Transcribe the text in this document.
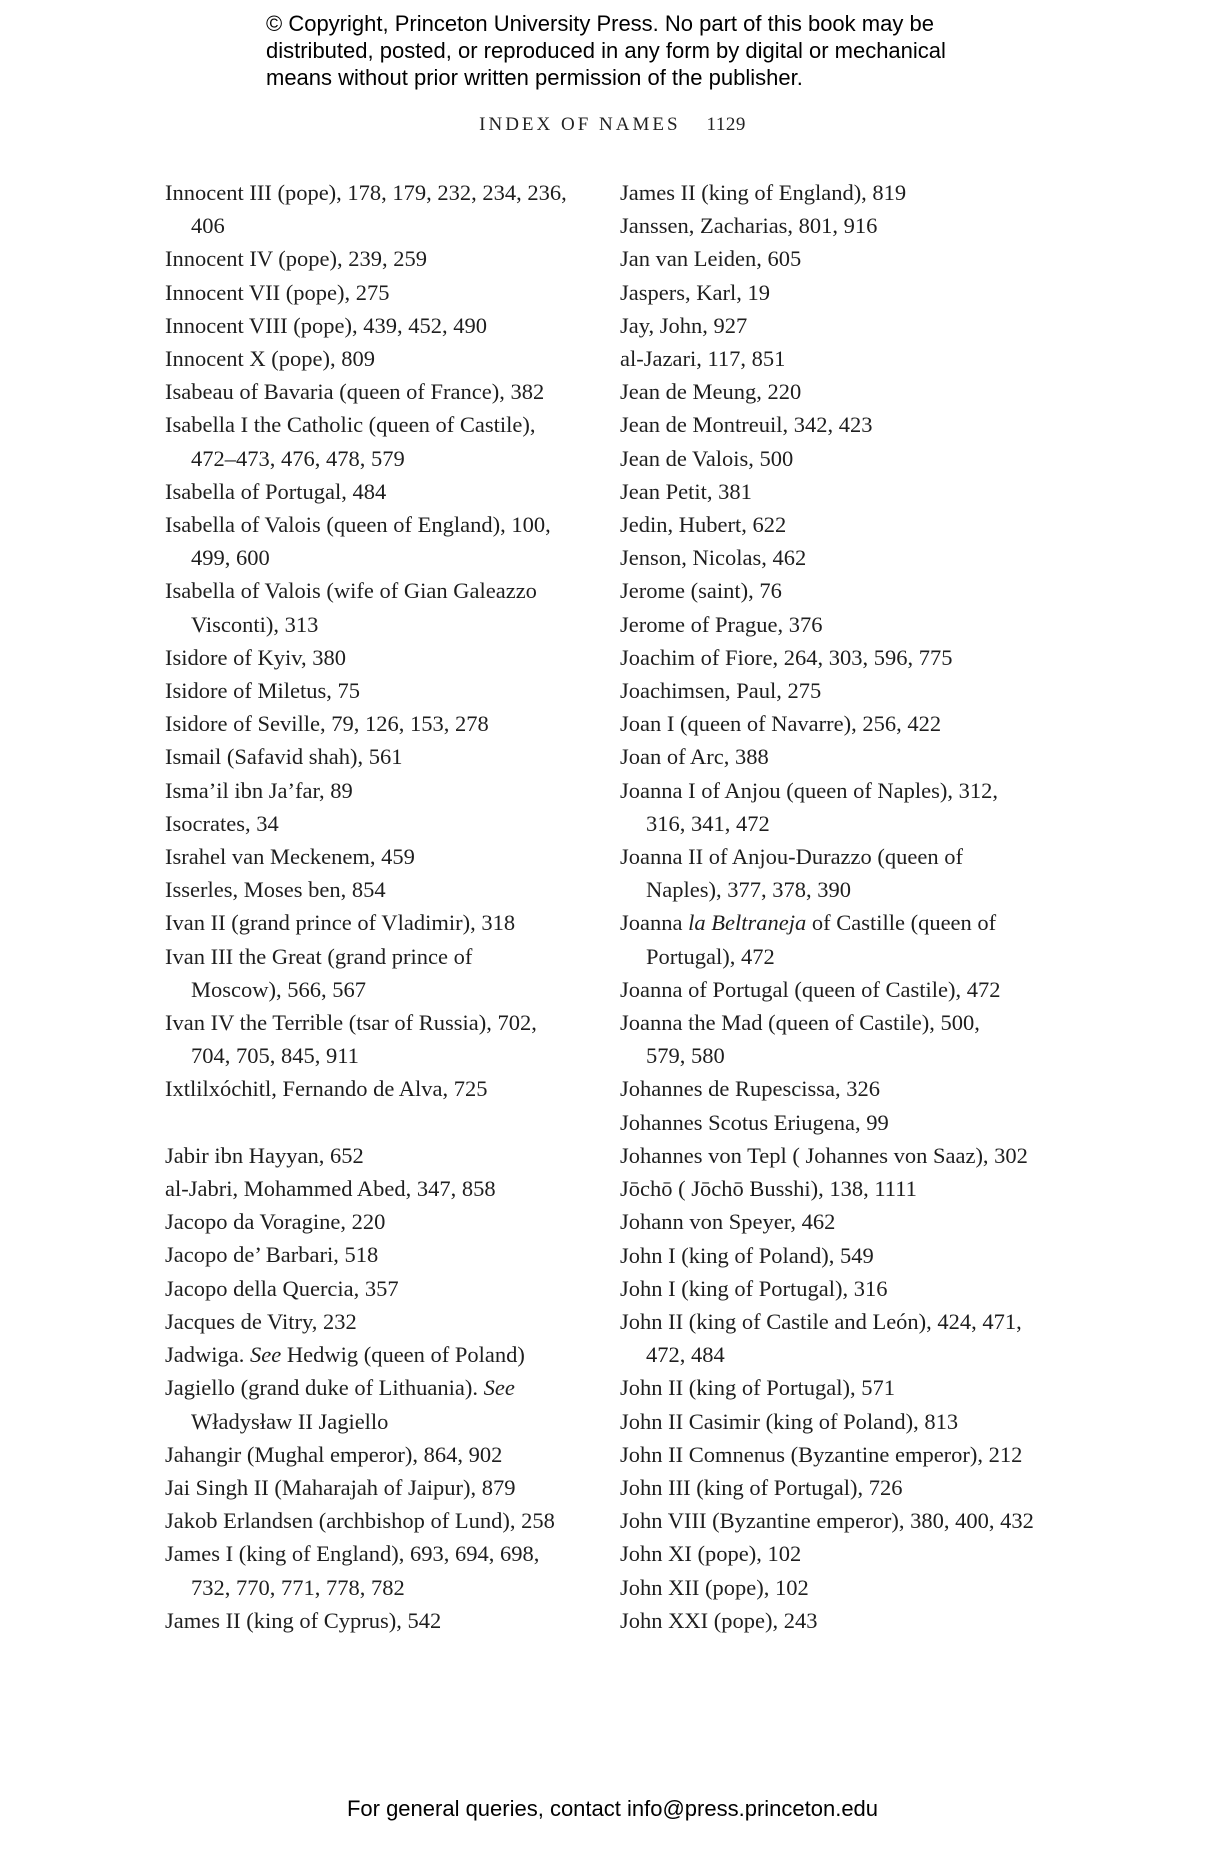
© Copyright, Princeton University Press. No part of this book may be
distributed, posted, or reproduced in any form by digital or mechanical
means without prior written permission of the publisher.
INDEX OF NAMES 1129
Innocent III (pope), 178, 179, 232, 234, 236,
406
Innocent IV (pope), 239, 259
Innocent VII (pope), 275
Innocent VIII (pope), 439, 452, 490
Innocent X (pope), 809
Isabeau of Bavaria (queen of France), 382
Isabella I the Catholic (queen of Castile),
472–473, 476, 478, 579
Isabella of Portugal, 484
Isabella of Valois (queen of England), 100,
499, 600
Isabella of Valois (wife of Gian Galeazzo
Visconti), 313
Isidore of Kyiv, 380
Isidore of Miletus, 75
Isidore of Seville, 79, 126, 153, 278
Ismail (Safavid shah), 561
Isma’il ibn Ja’far, 89
Isocrates, 34
Israhel van Meckenem, 459
Isserles, Moses ben, 854
Ivan II (grand prince of Vladimir), 318
Ivan III the Great (grand prince of
Moscow), 566, 567
Ivan IV the Terrible (tsar of Russia), 702,
704, 705, 845, 911
Ixtlilxóchitl, Fernando de Alva, 725
Jabir ibn Hayyan, 652
al-Jabri, Mohammed Abed, 347, 858
Jacopo da Voragine, 220
Jacopo de’ Barbari, 518
Jacopo della Quercia, 357
Jacques de Vitry, 232
Jadwiga. See Hedwig (queen of Poland)
Jagiello (grand duke of Lithuania). See
Władysław II Jagiello
Jahangir (Mughal emperor), 864, 902
Jai Singh II (Maharajah of Jaipur), 879
Jakob Erlandsen (archbishop of Lund), 258
James I (king of England), 693, 694, 698,
732, 770, 771, 778, 782
James II (king of Cyprus), 542
James II (king of England), 819
Janssen, Zacharias, 801, 916
Jan van Leiden, 605
Jaspers, Karl, 19
Jay, John, 927
al-Jazari, 117, 851
Jean de Meung, 220
Jean de Montreuil, 342, 423
Jean de Valois, 500
Jean Petit, 381
Jedin, Hubert, 622
Jenson, Nicolas, 462
Jerome (saint), 76
Jerome of Prague, 376
Joachim of Fiore, 264, 303, 596, 775
Joachimsen, Paul, 275
Joan I (queen of Navarre), 256, 422
Joan of Arc, 388
Joanna I of Anjou (queen of Naples), 312,
316, 341, 472
Joanna II of Anjou-Durazzo (queen of
Naples), 377, 378, 390
Joanna la Beltraneja of Castille (queen of
Portugal), 472
Joanna of Portugal (queen of Castile), 472
Joanna the Mad (queen of Castile), 500,
579, 580
Johannes de Rupescissa, 326
Johannes Scotus Eriugena, 99
Johannes von Tepl ( Johannes von Saaz), 302
Jōchō ( Jōchō Busshi), 138, 1111
Johann von Speyer, 462
John I (king of Poland), 549
John I (king of Portugal), 316
John II (king of Castile and León), 424, 471,
472, 484
John II (king of Portugal), 571
John II Casimir (king of Poland), 813
John II Comnenus (Byzantine emperor), 212
John III (king of Portugal), 726
John VIII (Byzantine emperor), 380, 400, 432
John XI (pope), 102
John XII (pope), 102
John XXI (pope), 243
For general queries, contact info@press.princeton.edu
